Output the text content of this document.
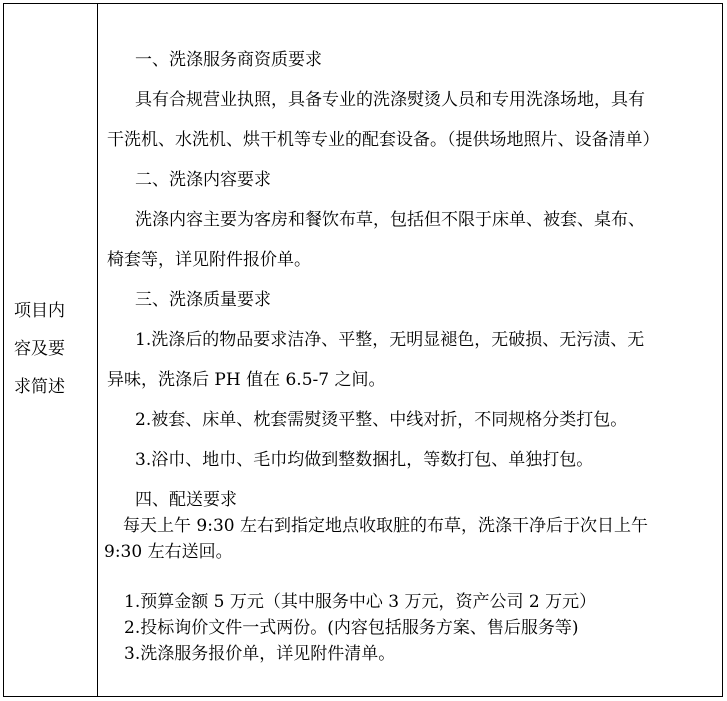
项目内
容及要
求简述
一、洗涤服务商资质要求
具有合规营业执照，具备专业的洗涤熨烫人员和专用洗涤场地，具有
干洗机、水洗机、烘干机等专业的配套设备。（提供场地照片、设备清单）
二、洗涤内容要求
洗涤内容主要为客房和餐饮布草，包括但不限于床单、被套、桌布、
椅套等，详见附件报价单。
三、洗涤质量要求
1.洗涤后的物品要求洁净、平整，无明显褪色，无破损、无污渍、无
异味，洗涤后 PH 值在 6.5-7 之间。
2.被套、床单、枕套需熨烫平整、中线对折，不同规格分类打包。
3.浴巾、地巾、毛巾均做到整数捆扎，等数打包、单独打包。
四、配送要求
每天上午 9:30 左右到指定地点收取脏的布草，洗涤干净后于次日上午
9:30 左右送回。
1.预算金额 5 万元（其中服务中心 3 万元，资产公司 2 万元）
2.投标询价文件一式两份。(内容包括服务方案、售后服务等)
3.洗涤服务报价单，详见附件清单。
